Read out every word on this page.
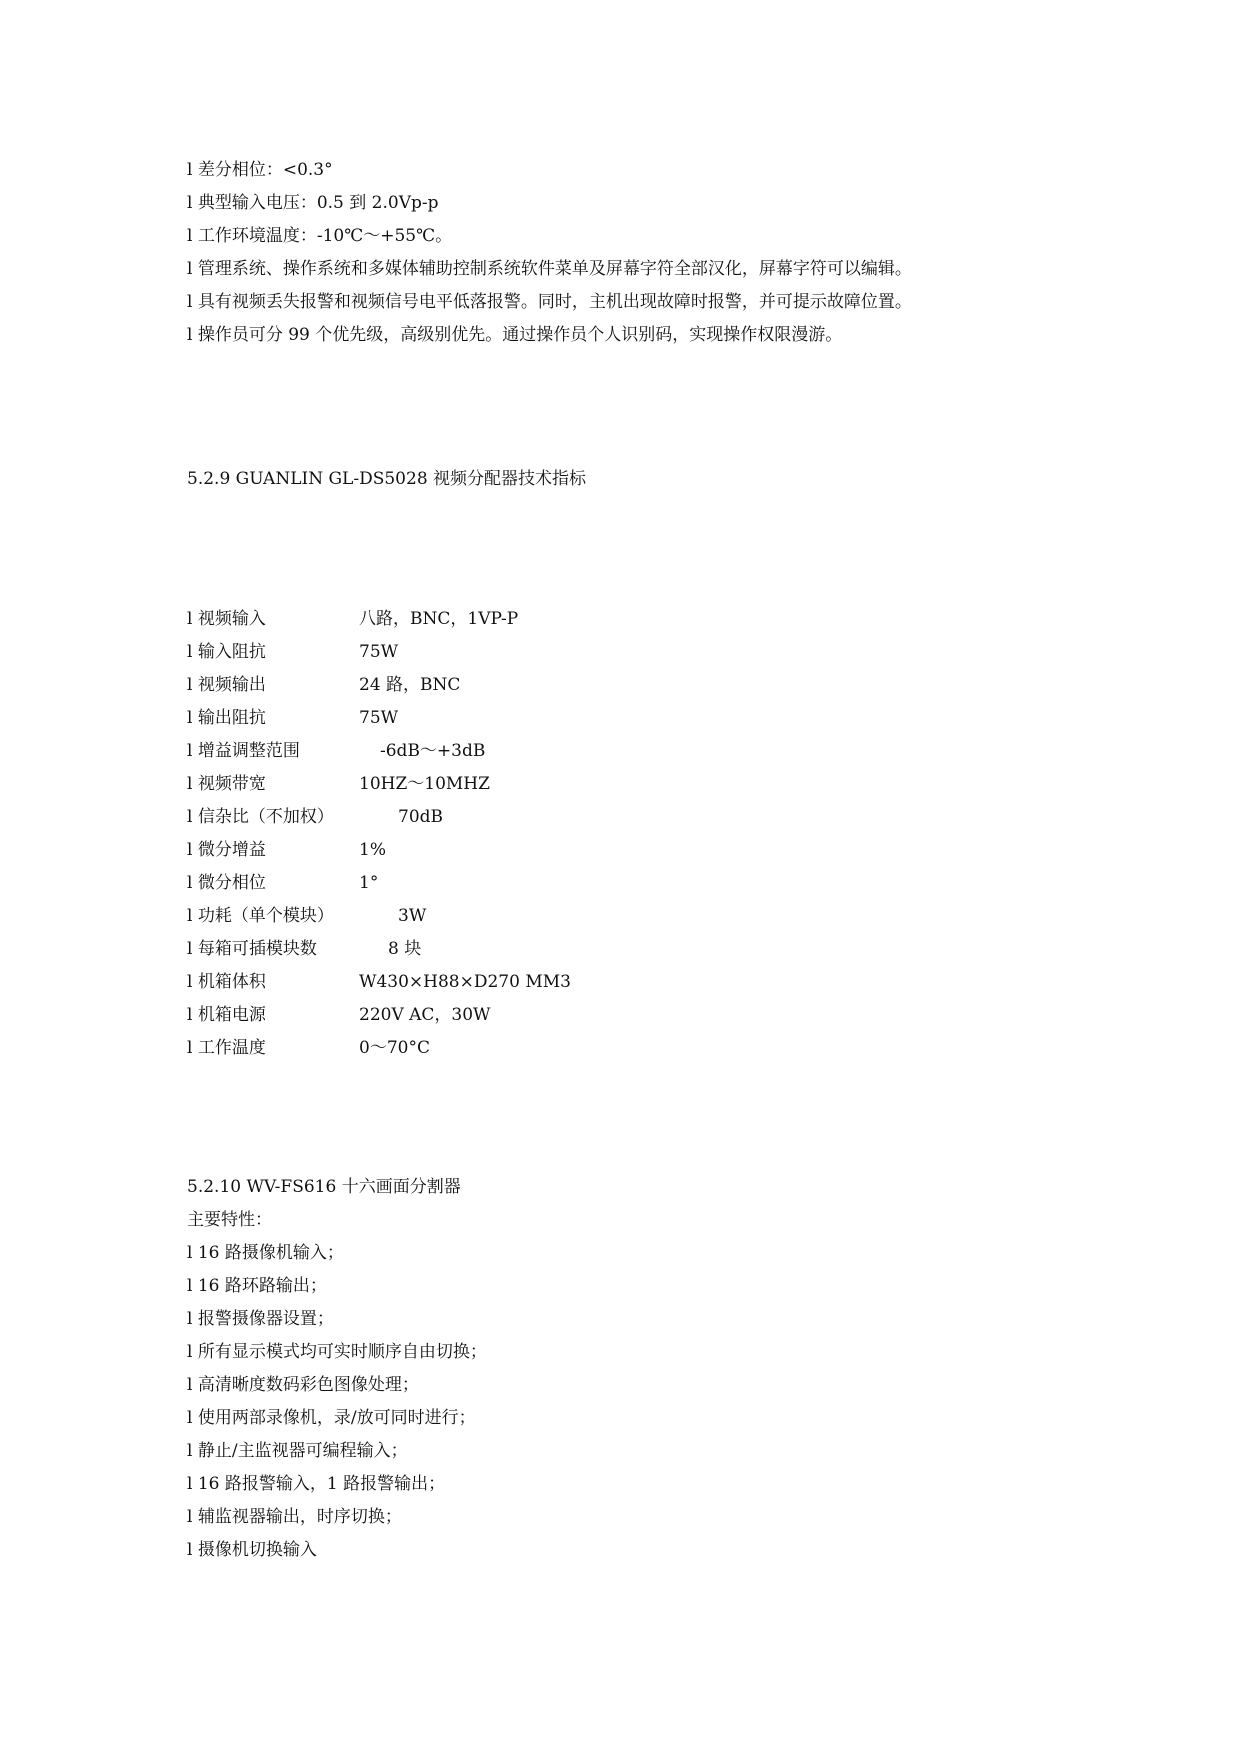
l 差分相位：<0.3°
l 典型输入电压：0.5 到 2.0Vp-p
l 工作环境温度：-10℃～+55℃。
l 管理系统、操作系统和多媒体辅助控制系统软件菜单及屏幕字符全部汉化，屏幕字符可以编辑。
l 具有视频丢失报警和视频信号电平低落报警。同时，主机出现故障时报警，并可提示故障位置。
l 操作员可分 99 个优先级，高级别优先。通过操作员个人识别码，实现操作权限漫游。
5.2.9 GUANLIN GL-DS5028 视频分配器技术指标
l 视频输入	八路，BNC，1VP-P
l 输入阻抗	75W
l 视频输出	24 路，BNC
l 输出阻抗	75W
l 增益调整范围	-6dB～+3dB
l 视频带宽	10HZ～10MHZ
l 信杂比（不加权）	70dB
l 微分增益	1%
l 微分相位	1°
l 功耗（单个模块）	3W
l 每箱可插模块数	8 块
l 机箱体积	W430×H88×D270 MM3
l 机箱电源	220V AC，30W
l 工作温度	0～70°C
5.2.10 WV-FS616 十六画面分割器
主要特性：
l 16 路摄像机输入；
l 16 路环路输出；
l 报警摄像器设置；
l 所有显示模式均可实时顺序自由切换；
l 高清晰度数码彩色图像处理；
l 使用两部录像机，录/放可同时进行；
l 静止/主监视器可编程输入；
l 16 路报警输入，1 路报警输出；
l 辅监视器输出，时序切换；
l 摄像机切换输入
